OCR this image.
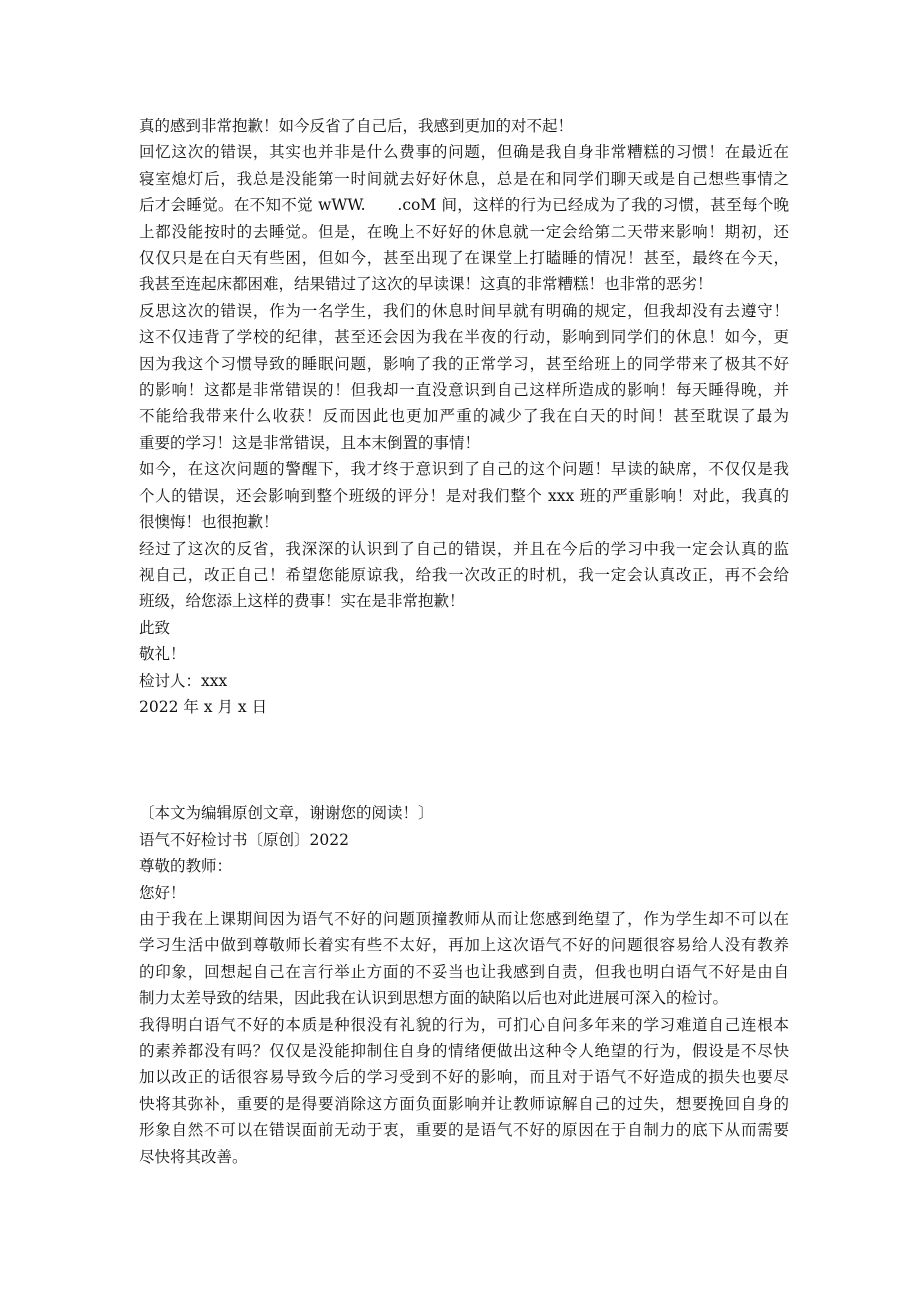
真的感到非常抱歉！如今反省了自己后，我感到更加的对不起！
回忆这次的错误，其实也并非是什么费事的问题，但确是我自身非常糟糕的习惯！在最近在
寝室熄灯后，我总是没能第一时间就去好好休息，总是在和同学们聊天或是自己想些事情之
后才会睡觉。在不知不觉 wWW.　　.coM 间，这样的行为已经成为了我的习惯，甚至每个晚
上都没能按时的去睡觉。但是，在晚上不好好的休息就一定会给第二天带来影响！期初，还
仅仅只是在白天有些困，但如今，甚至出现了在课堂上打瞌睡的情况！甚至，最终在今天，
我甚至连起床都困难，结果错过了这次的早读课！这真的非常糟糕！也非常的恶劣！
反思这次的错误，作为一名学生，我们的休息时间早就有明确的规定，但我却没有去遵守！
这不仅违背了学校的纪律，甚至还会因为我在半夜的行动，影响到同学们的休息！如今，更
因为我这个习惯导致的睡眠问题，影响了我的正常学习，甚至给班上的同学带来了极其不好
的影响！这都是非常错误的！但我却一直没意识到自己这样所造成的影响！每天睡得晚，并
不能给我带来什么收获！反而因此也更加严重的减少了我在白天的时间！甚至耽误了最为
重要的学习！这是非常错误，且本末倒置的事情！
如今，在这次问题的警醒下，我才终于意识到了自己的这个问题！早读的缺席，不仅仅是我
个人的错误，还会影响到整个班级的评分！是对我们整个 xxx 班的严重影响！对此，我真的
很懊悔！也很抱歉！
经过了这次的反省，我深深的认识到了自己的错误，并且在今后的学习中我一定会认真的监
视自己，改正自己！希望您能原谅我，给我一次改正的时机，我一定会认真改正，再不会给
班级，给您添上这样的费事！实在是非常抱歉！
此致
敬礼！
检讨人：xxx
2022 年 x 月 x 日
〔本文为编辑原创文章，谢谢您的阅读！〕
语气不好检讨书〔原创〕2022
尊敬的教师：
您好！
由于我在上课期间因为语气不好的问题顶撞教师从而让您感到绝望了，作为学生却不可以在
学习生活中做到尊敬师长着实有些不太好，再加上这次语气不好的问题很容易给人没有教养
的印象，回想起自己在言行举止方面的不妥当也让我感到自责，但我也明白语气不好是由自
制力太差导致的结果，因此我在认识到思想方面的缺陷以后也对此进展可深入的检讨。
我得明白语气不好的本质是种很没有礼貌的行为，可扪心自问多年来的学习难道自己连根本
的素养都没有吗？仅仅是没能抑制住自身的情绪便做出这种令人绝望的行为，假设是不尽快
加以改正的话很容易导致今后的学习受到不好的影响，而且对于语气不好造成的损失也要尽
快将其弥补，重要的是得要消除这方面负面影响并让教师谅解自己的过失，想要挽回自身的
形象自然不可以在错误面前无动于衷，重要的是语气不好的原因在于自制力的底下从而需要
尽快将其改善。
